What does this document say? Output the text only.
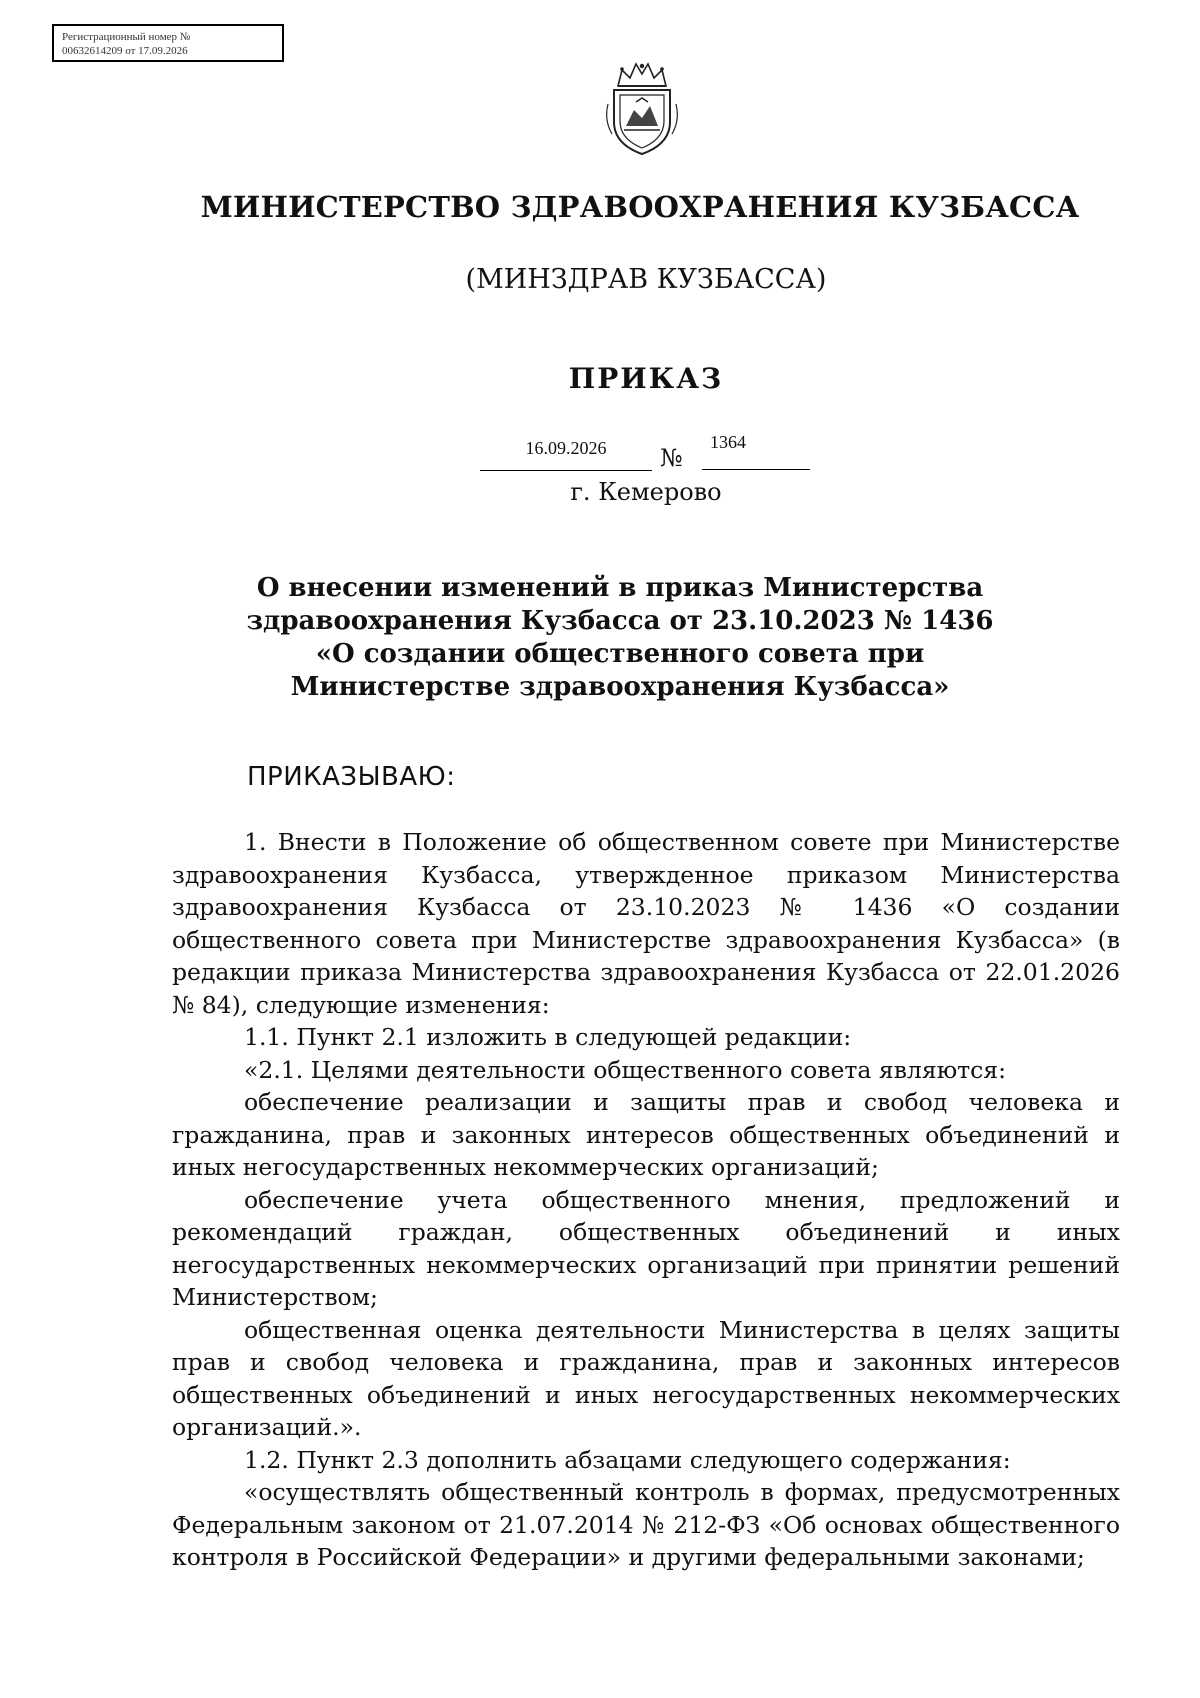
Регистрационный номер №
00632614209 от 17.09.2026
МИНИСТЕРСТВО ЗДРАВООХРАНЕНИЯ КУЗБАССА
(МИНЗДРАВ КУЗБАССА)
ПРИКАЗ
16.09.2026	№
1364
г. Кемерово
О внесении изменений в приказ Министерства
здравоохранения Кузбасса от 23.10.2023 № 1436
«О создании общественного совета при
Министерстве здравоохранения Кузбасса»
ПРИКАЗЫВАЮ:

1. Внести в Положение об общественном совете при Министерстве здравоохранения Кузбасса, утвержденное приказом Министерства здравоохранения Кузбасса от 23.10.2023 № 1436 «О создании общественного совета при Министерстве здравоохранения Кузбасса» (в редакции приказа Министерства здравоохранения Кузбасса от 22.01.2026 № 84), следующие изменения:

1.1. Пункт 2.1 изложить в следующей редакции:

«2.1. Целями деятельности общественного совета являются:

обеспечение реализации и защиты прав и свобод человека и гражданина, прав и законных интересов общественных объединений и иных негосударственных некоммерческих организаций;

обеспечение учета общественного мнения, предложений и рекомендаций граждан, общественных объединений и иных негосударственных некоммерческих организаций при принятии решений Министерством;

общественная оценка деятельности Министерства в целях защиты прав и свобод человека и гражданина, прав и законных интересов общественных объединений и иных негосударственных некоммерческих организаций.».

1.2. Пункт 2.3 дополнить абзацами следующего содержания:

«осуществлять общественный контроль в формах, предусмотренных Федеральным законом от 21.07.2014 № 212-ФЗ «Об основах общественного контроля в Российской Федерации» и другими федеральными законами;
